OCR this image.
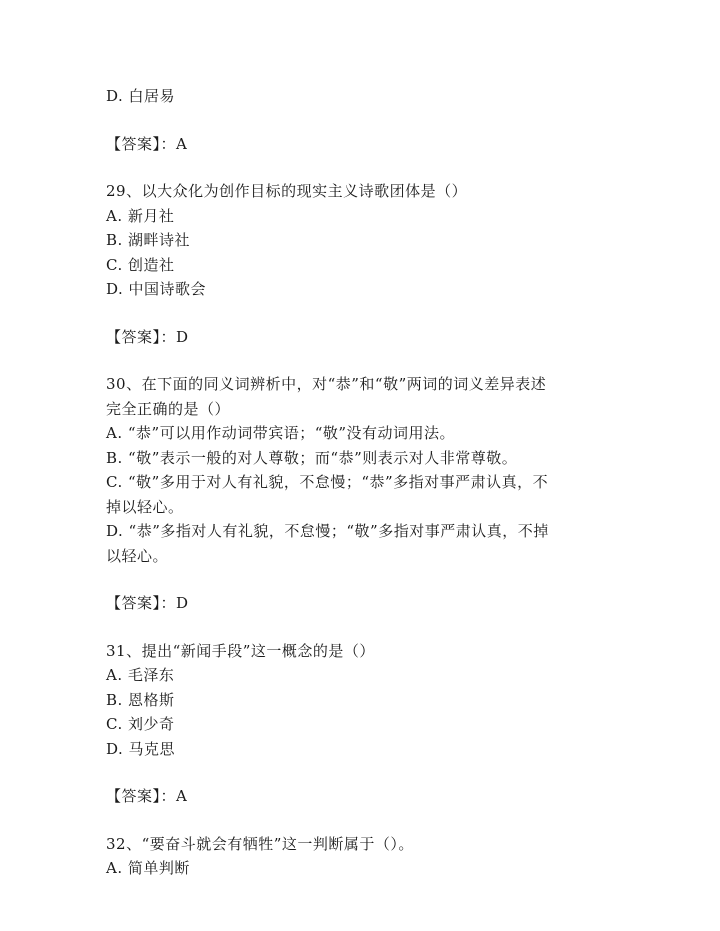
D. 白居易
【答案】：A
29、以大众化为创作目标的现实主义诗歌团体是（）
A. 新月社
B. 湖畔诗社
C. 创造社
D. 中国诗歌会
【答案】：D
30、在下面的同义词辨析中，对“恭”和“敬”两词的词义差异表述
完全正确的是（）
A. “恭”可以用作动词带宾语；“敬”没有动词用法。
B. “敬”表示一般的对人尊敬；而“恭”则表示对人非常尊敬。
C. “敬”多用于对人有礼貌，不怠慢；“恭”多指对事严肃认真，不
掉以轻心。
D. “恭”多指对人有礼貌，不怠慢；“敬”多指对事严肃认真，不掉
以轻心。
【答案】：D
31、提出“新闻手段”这一概念的是（）
A. 毛泽东
B. 恩格斯
C. 刘少奇
D. 马克思
【答案】：A
32、“要奋斗就会有牺牲”这一判断属于（）。
A. 简单判断
